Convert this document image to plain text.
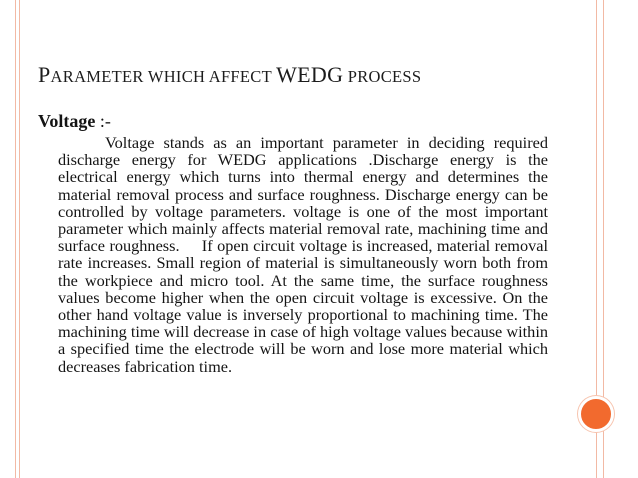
PARAMETER WHICH AFFECT WEDG PROCESS

Voltage :-

Voltage stands as an important parameter in deciding required discharge energy for WEDG applications .Discharge energy is the electrical energy which turns into thermal energy and determines the material removal process and surface roughness. Discharge energy can be controlled by voltage parameters. voltage is one of the most important parameter which mainly affects material removal rate, machining time and surface roughness.     If open circuit voltage is increased, material removal rate increases. Small region of material is simultaneously worn both from the workpiece and micro tool. At the same time, the surface roughness values become higher when the open circuit voltage is excessive. On the other hand voltage value is inversely proportional to machining time. The machining time will decrease in case of high voltage values because within a specified time the electrode will be worn and lose more material which decreases fabrication time.
